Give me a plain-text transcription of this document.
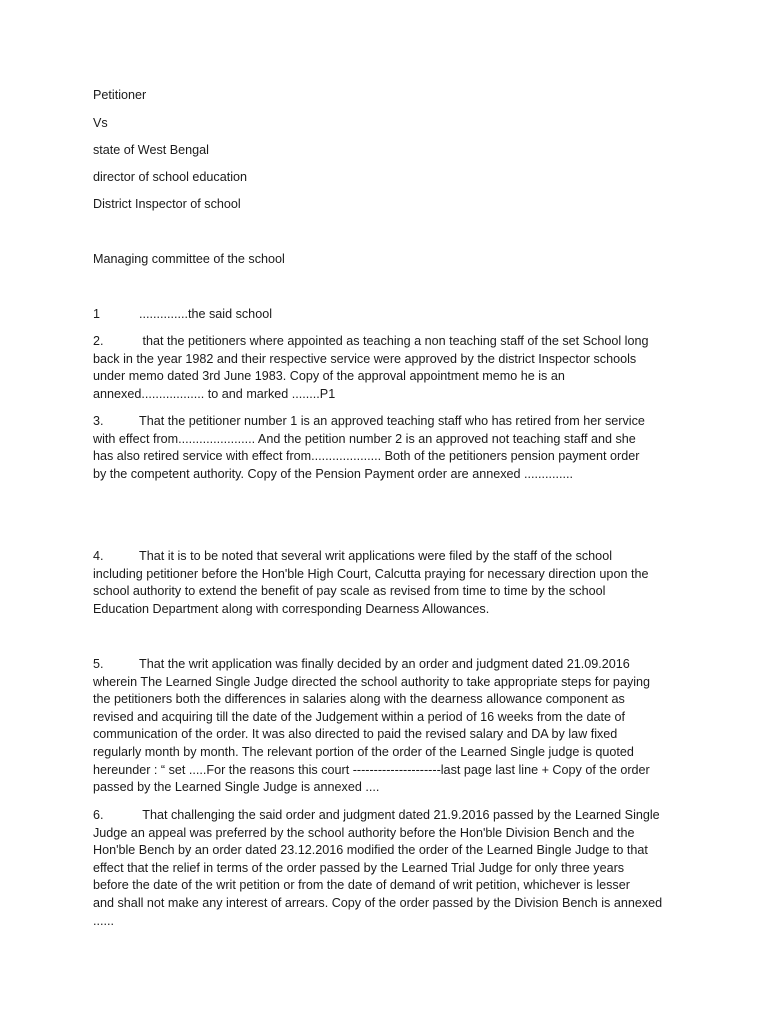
Petitioner
Vs
state of West Bengal
director of school education
District Inspector of school
Managing committee of the school
1	..............the said school
2.	that the petitioners where appointed as teaching a non teaching staff of the set School long
back in the year 1982 and their respective service were approved by the district Inspector schools
under memo dated 3rd June 1983. Copy of the approval appointment memo he is an
annexed.................. to and marked ........P1
3.	That the petitioner number 1 is an approved teaching staff who has retired from her service
with effect from...................... And the petition number 2 is an approved not teaching staff and she
has also retired service with effect from.................... Both of the petitioners pension payment order
by the competent authority. Copy of the Pension Payment order are annexed ..............
4.	That it is to be noted that several writ applications were filed by the staff of the school
including petitioner before the Hon'ble High Court, Calcutta praying for necessary direction upon the
school authority to extend the benefit of pay scale as revised from time to time by the school
Education Department along with corresponding Dearness Allowances.
5.	That the writ application was finally decided by an order and judgment dated 21.09.2016
wherein The Learned Single Judge directed the school authority to take appropriate steps for paying
the petitioners both the differences in salaries along with the dearness allowance component as
revised and acquiring till the date of the Judgement within a period of 16 weeks from the date of
communication of the order. It was also directed to paid the revised salary and DA by law fixed
regularly month by month. The relevant portion of the order of the Learned Single judge is quoted
hereunder : “ set .....For the reasons this court ---------------------last page last line + Copy of the order
passed by the Learned Single Judge is annexed ....
6.	That challenging the said order and judgment dated 21.9.2016 passed by the Learned Single
Judge an appeal was preferred by the school authority before the Hon'ble Division Bench and the
Hon'ble Bench by an order dated 23.12.2016 modified the order of the Learned Bingle Judge to that
effect that the relief in terms of the order passed by the Learned Trial Judge for only three years
before the date of the writ petition or from the date of demand of writ petition, whichever is lesser
and shall not make any interest of arrears. Copy of the order passed by the Division Bench is annexed
......
